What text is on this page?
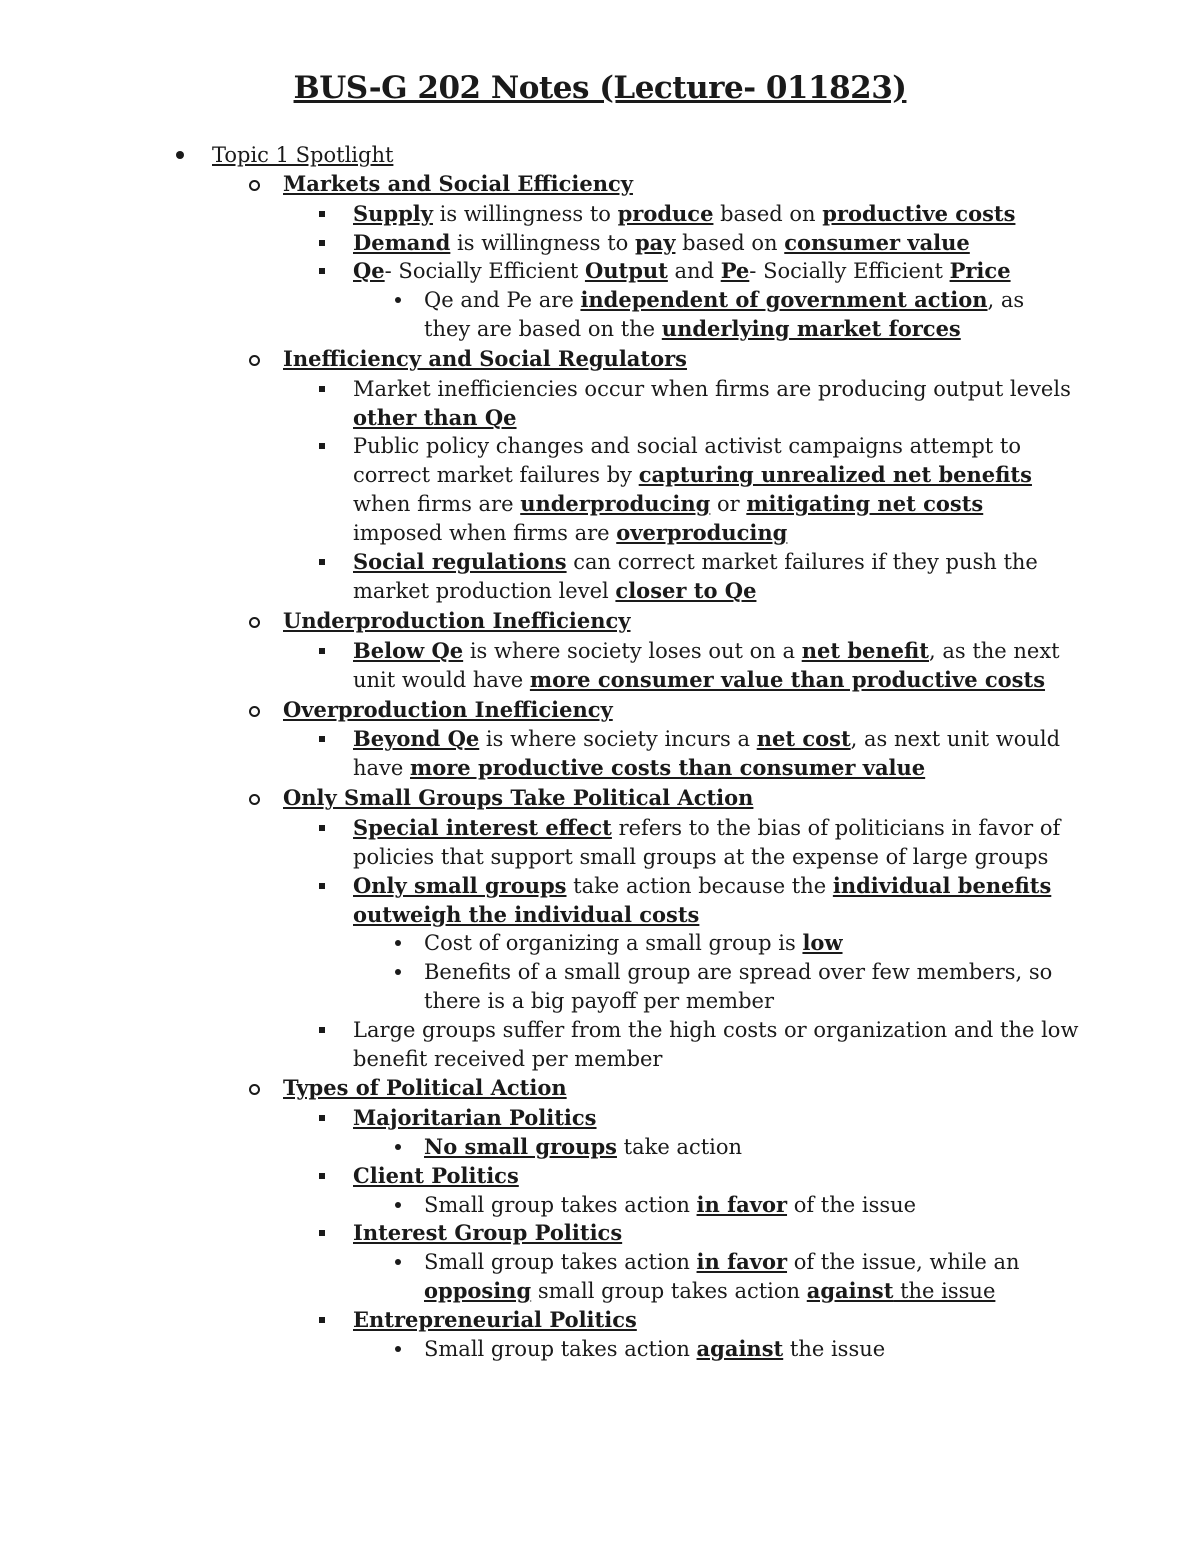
BUS-G 202 Notes (Lecture- 011823)
Topic 1 Spotlight
Markets and Social Efficiency
Supply is willingness to produce based on productive costs
Demand is willingness to pay based on consumer value
Qe- Socially Efficient Output and Pe- Socially Efficient Price
Qe and Pe are independent of government action, as
they are based on the underlying market forces
Inefficiency and Social Regulators
Market inefficiencies occur when firms are producing output levels
other than Qe
Public policy changes and social activist campaigns attempt to
correct market failures by capturing unrealized net benefits
when firms are underproducing or mitigating net costs
imposed when firms are overproducing
Social regulations can correct market failures if they push the
market production level closer to Qe
Underproduction Inefficiency
Below Qe is where society loses out on a net benefit, as the next
unit would have more consumer value than productive costs
Overproduction Inefficiency
Beyond Qe is where society incurs a net cost, as next unit would
have more productive costs than consumer value
Only Small Groups Take Political Action
Special interest effect refers to the bias of politicians in favor of
policies that support small groups at the expense of large groups
Only small groups take action because the individual benefits
outweigh the individual costs
Cost of organizing a small group is low
Benefits of a small group are spread over few members, so
there is a big payoff per member
Large groups suffer from the high costs or organization and the low
benefit received per member
Types of Political Action
Majoritarian Politics
No small groups take action
Client Politics
Small group takes action in favor of the issue
Interest Group Politics
Small group takes action in favor of the issue, while an
opposing small group takes action against the issue
Entrepreneurial Politics
Small group takes action against the issue
